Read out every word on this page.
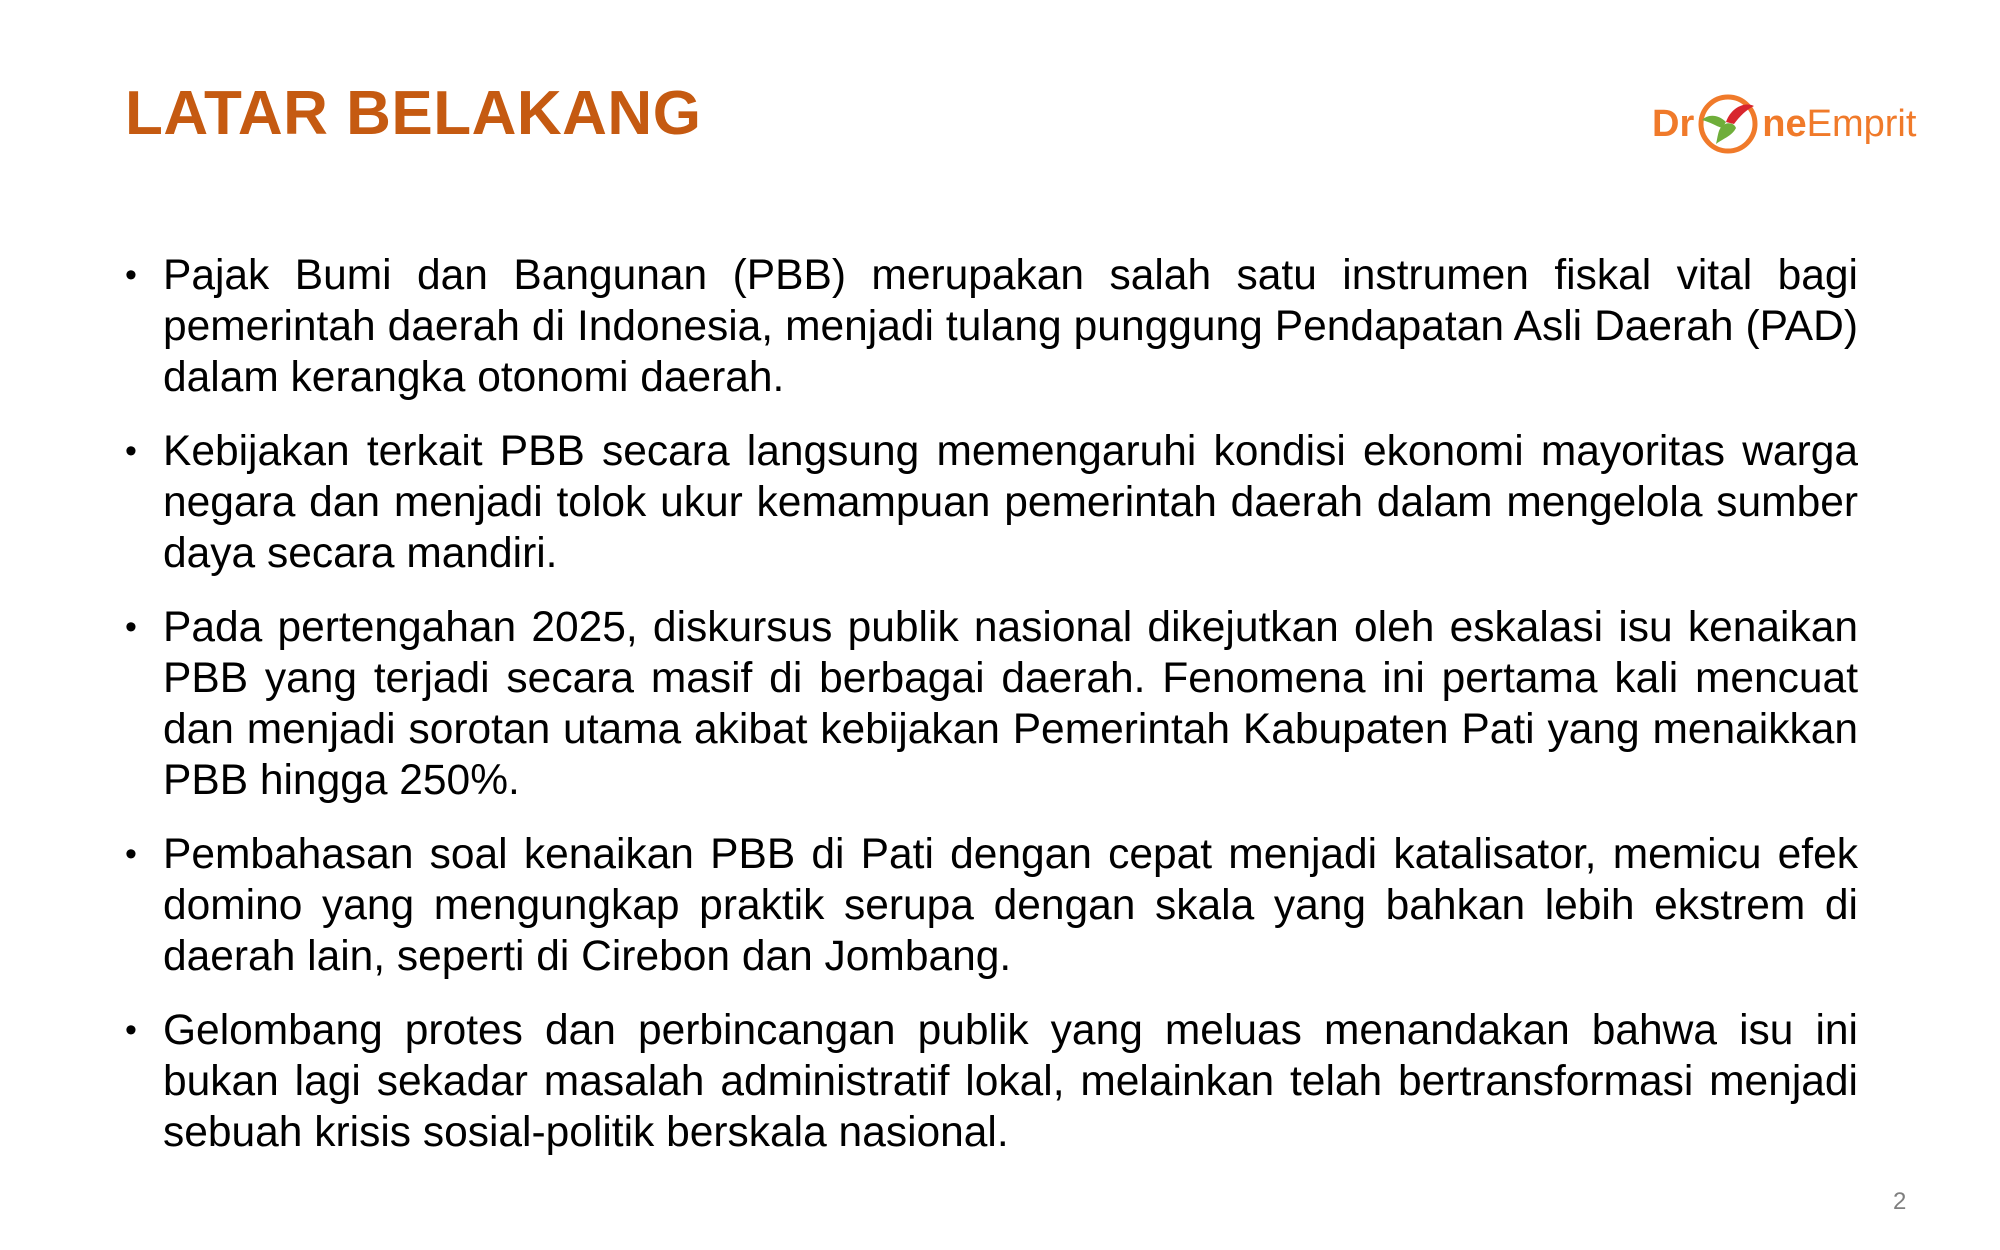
LATAR BELAKANG	Dr ne Emprit
• Pajak Bumi dan Bangunan (PBB) merupakan salah satu instrumen fiskal vital bagi pemerintah daerah di Indonesia, menjadi tulang punggung Pendapatan Asli Daerah (PAD) dalam kerangka otonomi daerah.
• Kebijakan terkait PBB secara langsung memengaruhi kondisi ekonomi mayoritas warga negara dan menjadi tolok ukur kemampuan pemerintah daerah dalam mengelola sumber daya secara mandiri.
• Pada pertengahan 2025, diskursus publik nasional dikejutkan oleh eskalasi isu kenaikan PBB yang terjadi secara masif di berbagai daerah. Fenomena ini pertama kali mencuat dan menjadi sorotan utama akibat kebijakan Pemerintah Kabupaten Pati yang menaikkan PBB hingga 250%.
• Pembahasan soal kenaikan PBB di Pati dengan cepat menjadi katalisator, memicu efek domino yang mengungkap praktik serupa dengan skala yang bahkan lebih ekstrem di daerah lain, seperti di Cirebon dan Jombang.
• Gelombang protes dan perbincangan publik yang meluas menandakan bahwa isu ini bukan lagi sekadar masalah administratif lokal, melainkan telah bertransformasi menjadi sebuah krisis sosial-politik berskala nasional.
2
